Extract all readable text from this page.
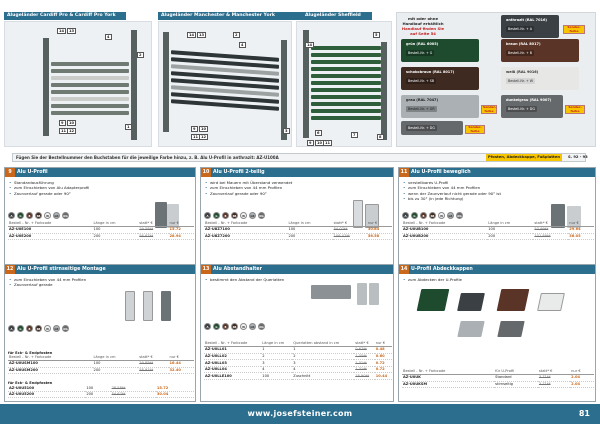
Alugeländer Cardiff Pro & Cardiff Pro York	Alugeländer Manchester & Manchester York	Alugeländer Sheffield
14	13
4
2
10
9
12
11
1
14	13	2
4
3
10
9
12
11
14
5
6
9	10 11
7	8
mit oder ohne
Handlauf erhältlich
Handlauf finden Sie
auf Seite 54
anthrazit (RAL 7016)
Bestell-Nr. + A	Sonder-farbe
grün (RAL 6005)
Bestell-Nr. + G
braun (RAL 8017)
Bestell-Nr. + B
schokobraun (RAL 8017)
Bestell-Nr. + SB
weiß (RAL 9016)
Bestell-Nr. + W
grau (RAL 7047)
Bestell-Nr. + GR	Sonder-farbe
dunkelgrau (RAL 9007)
Bestell-Nr. + DG	Sonder-farbe
Bestell-Nr. + DG	Sonder-farbe
Fügen Sie der Bestellnummer den Buchstaben für die jeweilige Farbe hinzu, z. B. Alu U-Profil in anthrazit: AZ-U100A	Pfosten, Abdeckkappe, Fußplatten	S. 92 - 93
Alu U-Profil
9
• Standardausführung
• zum Einschieben von Alu Adapterprofil
• Zaunverlauf gerade oder 90°
A	G	B	SB	W	GR	DG
Bestell - Nr. + Farbcode	Länge in cm	statt* €	nur €
AZ-U0E100	100	29.58**	15.72
AZ-U0E200	200	56.67**	28.94
Alu U-Profil 2-teilig
10
• wird bei Mauern mit Überstand verwendet
• zum Einschieben von 44 mm Profilen
• Zaunverlauf gerade oder 90°
A	G	B	SB	W	GR	DG
Bestell - Nr. + Farbcode	Länge in cm	statt* €	nur €
AZ-U8Z7100	100	54.07**	30.84
AZ-U8Z7200	200	106.47**	56.58
Alu U-Profil beweglich
11
• verstellbares U-Profil
• zum Einschieben von 44 mm Profilen
• wenn der Zaunverlauf nicht gerade oder 90° ist
• bis zu 30° (in jede Richtung)
A	G	B	SB	W	GR	DG
Bestell - Nr. + Farbcode	Länge in cm	statt* €	nur €
AZ-U0UB100	100	53.99**	29.64
AZ-U0UB200	200	101.89**	56.05
Alu U-Profil stirnseitige Montage
12
• zum Einschieben von 44 mm Profilen
• Zaunverlauf gerade
A	G	B	SB	W	GR	DG
für Eck- & Endpfosten
Bestell - Nr. + Farbcode	Länge in cm	statt* €	nur €
AZ-U0USM100	100	29.89**	16.44
AZ-U0USM200	200	58.91**	32.40
für Eck- & Endpfosten
AZ-U0U5100	100	28.58**	15.72
AZ-U0U5200	200	54.67**	30.04
Alu Abstandhalter
13
• bestimmt den Abstand der Querlatten
A	G	B	SB	W	GR	DG
Bestell - Nr. + Farbcode	Länge in cm	Querlatten abstand in cm	statt* €	nur €
AZ-U0LL01	1	1	0.67**	0.48
AZ-U0LL02	2	2	1.00**	0.60
AZ-U0LL03	3	3	1.31**	0.72
AZ-U0LL04	4	4	1.31**	0.72
AZ-U0LLE100	100	Zuschnitt	18.90**	10.44
U-Profil Abdeckkappen
14
• zum Abdecken der U-Profile
Bestell - Nr. + Farbcode	für U-Profil	statt* €	nur €
AZ-U0UK	Standard	3.71**	2.04
AZ-U0UKSM	stirnseitig	3.71**	2.04
www.josefsteiner.com	81
